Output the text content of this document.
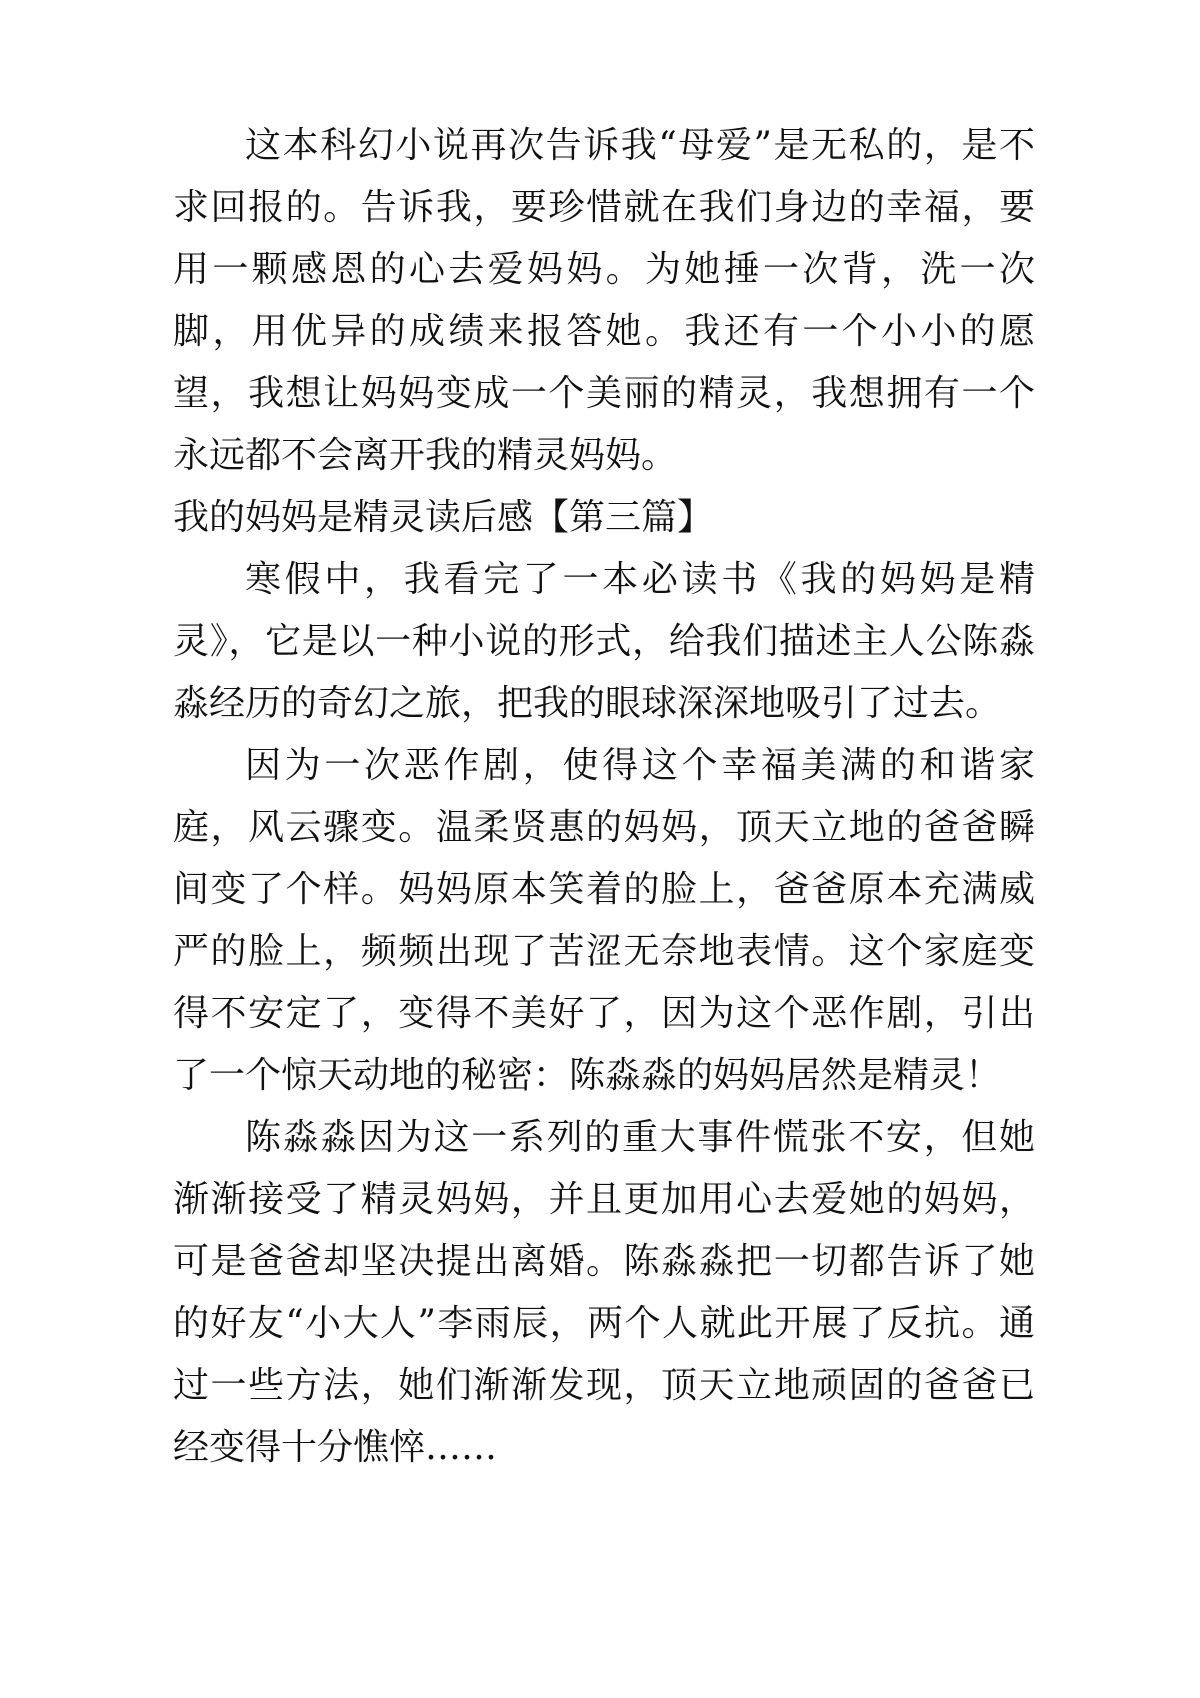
这本科幻小说再次告诉我“母爱”是无私的，是不求回报的。告诉我，要珍惜就在我们身边的幸福，要用一颗感恩的心去爱妈妈。为她捶一次背，洗一次脚，用优异的成绩来报答她。我还有一个小小的愿望，我想让妈妈变成一个美丽的精灵，我想拥有一个永远都不会离开我的精灵妈妈。

我的妈妈是精灵读后感【第三篇】

寒假中，我看完了一本必读书《我的妈妈是精灵》，它是以一种小说的形式，给我们描述主人公陈淼淼经历的奇幻之旅，把我的眼球深深地吸引了过去。

因为一次恶作剧，使得这个幸福美满的和谐家庭，风云骤变。温柔贤惠的妈妈，顶天立地的爸爸瞬间变了个样。妈妈原本笑着的脸上，爸爸原本充满威严的脸上，频频出现了苦涩无奈地表情。这个家庭变得不安定了，变得不美好了，因为这个恶作剧，引出了一个惊天动地的秘密：陈淼淼的妈妈居然是精灵！

陈淼淼因为这一系列的重大事件慌张不安，但她渐渐接受了精灵妈妈，并且更加用心去爱她的妈妈，可是爸爸却坚决提出离婚。陈淼淼把一切都告诉了她的好友“小大人”李雨辰，两个人就此开展了反抗。通过一些方法，她们渐渐发现，顶天立地顽固的爸爸已经变得十分憔悴……
